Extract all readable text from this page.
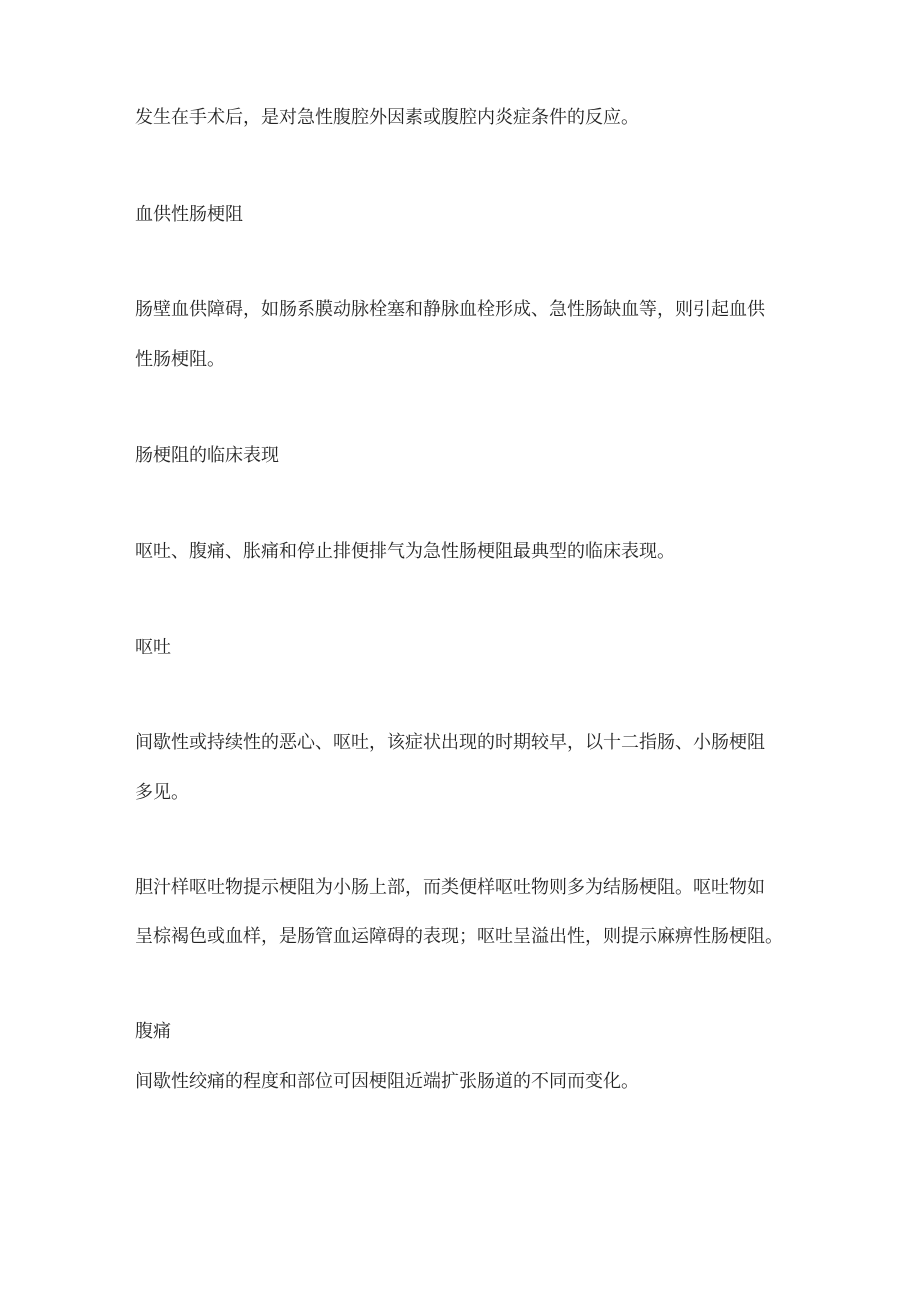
发生在手术后，是对急性腹腔外因素或腹腔内炎症条件的反应。
血供性肠梗阻
肠壁血供障碍，如肠系膜动脉栓塞和静脉血栓形成、急性肠缺血等，则引起血供
性肠梗阻。
肠梗阻的临床表现
呕吐、腹痛、胀痛和停止排便排气为急性肠梗阻最典型的临床表现。
呕吐
间歇性或持续性的恶心、呕吐，该症状出现的时期较早，以十二指肠、小肠梗阻
多见。
胆汁样呕吐物提示梗阻为小肠上部，而类便样呕吐物则多为结肠梗阻。呕吐物如
呈棕褐色或血样，是肠管血运障碍的表现；呕吐呈溢出性，则提示麻痹性肠梗阻。
腹痛
间歇性绞痛的程度和部位可因梗阻近端扩张肠道的不同而变化。
